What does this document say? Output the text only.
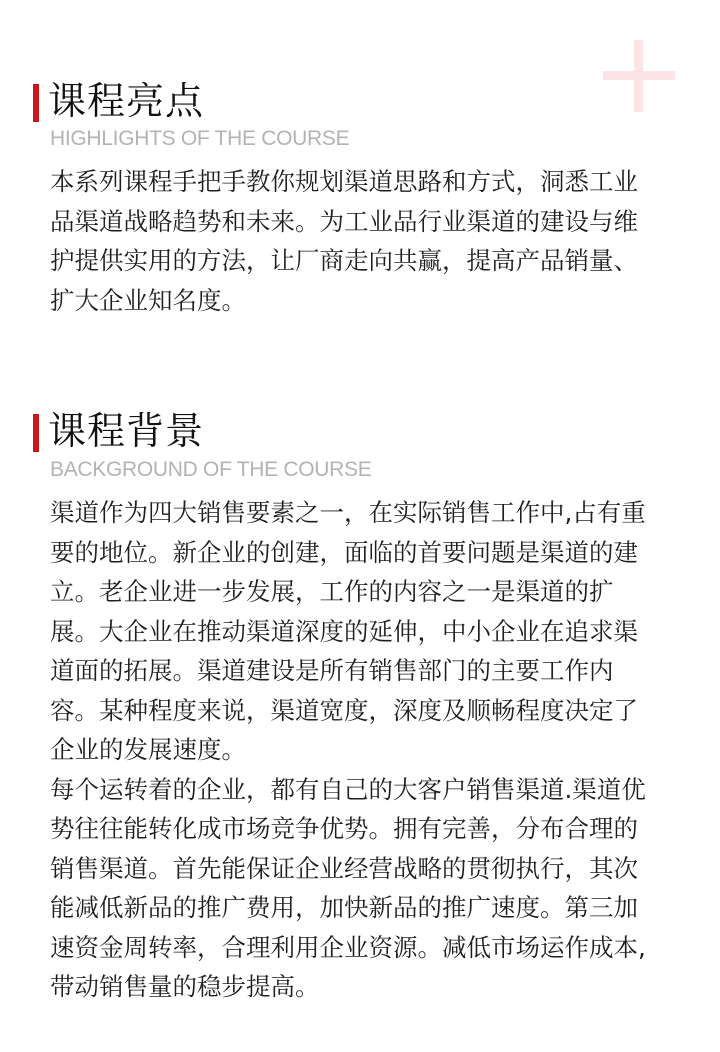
课程亮点
HIGHLIGHTS OF THE COURSE

本系列课程手把手教你规划渠道思路和方式，洞悉工业品渠道战略趋势和未来。为工业品行业渠道的建设与维护提供实用的方法，让厂商走向共赢，提高产品销量、扩大企业知名度。

课程背景
BACKGROUND OF THE COURSE

渠道作为四大销售要素之一，在实际销售工作中,占有重要的地位。新企业的创建，面临的首要问题是渠道的建立。老企业进一步发展，工作的内容之一是渠道的扩展。大企业在推动渠道深度的延伸，中小企业在追求渠道面的拓展。渠道建设是所有销售部门的主要工作内容。某种程度来说，渠道宽度，深度及顺畅程度决定了企业的发展速度。

每个运转着的企业，都有自己的大客户销售渠道.渠道优势往往能转化成市场竞争优势。拥有完善，分布合理的销售渠道。首先能保证企业经营战略的贯彻执行，其次能减低新品的推广费用，加快新品的推广速度。第三加速资金周转率，合理利用企业资源。减低市场运作成本,带动销售量的稳步提高。
